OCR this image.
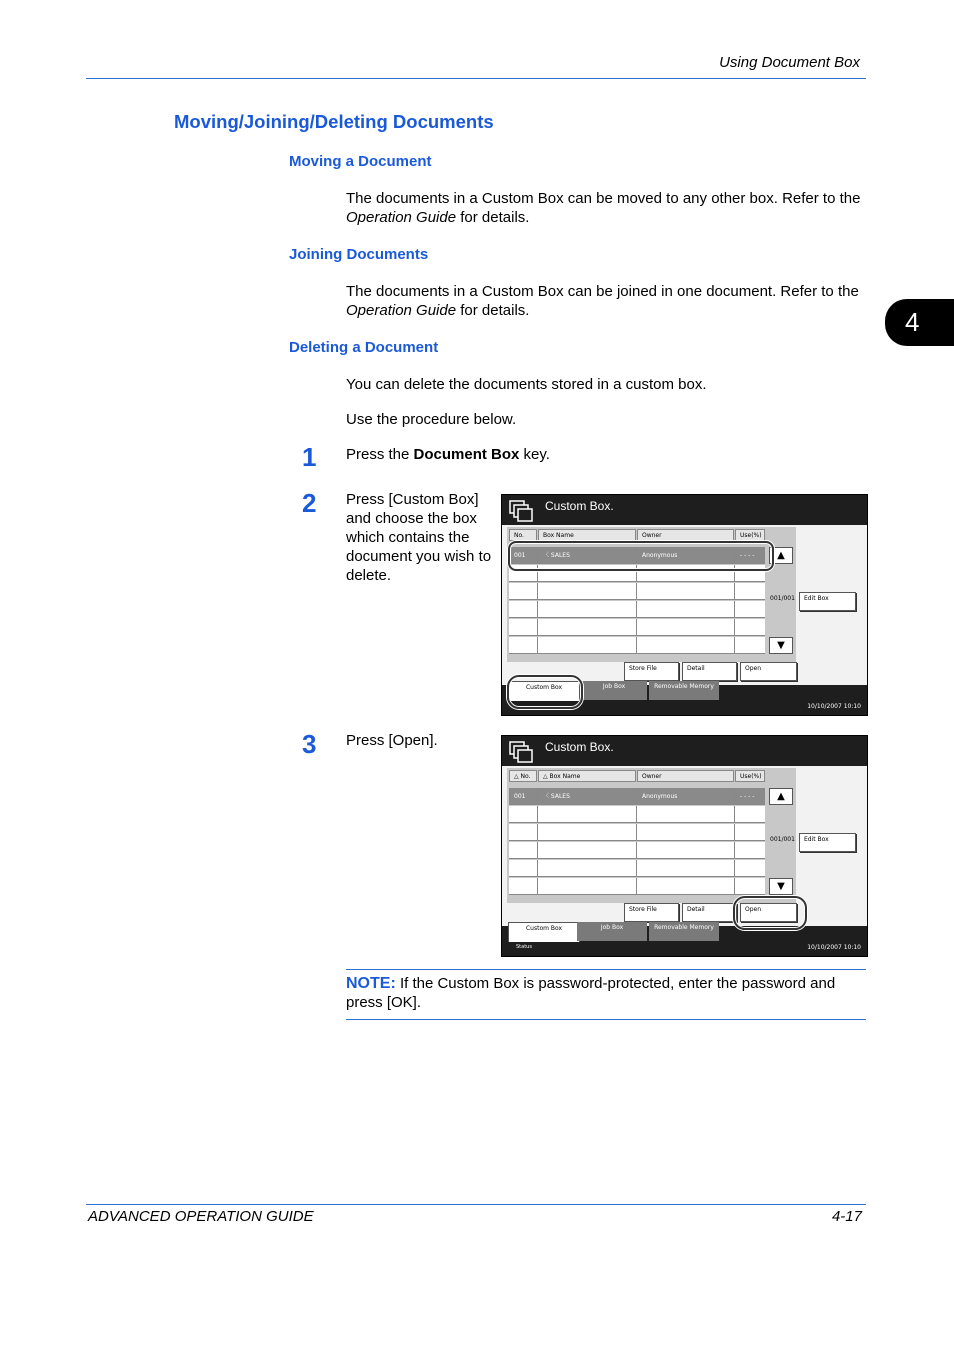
Using Document Box
4
Moving/Joining/Deleting Documents
Moving a Document
The documents in a Custom Box can be moved to any other box. Refer to the Operation Guide for details.
Joining Documents
The documents in a Custom Box can be joined in one document. Refer to the Operation Guide for details.
Deleting a Document
You can delete the documents stored in a custom box.
Use the procedure below.
1 Press the Document Box key.
2 Press [Custom Box] and choose the box which contains the document you wish to delete.
Custom Box.
No.	Box Name	Owner	Use(%)
001	〈 SALES	Anonymous	- - - -	▲
001/001
▼
Edit Box
Store File	Detail	Open
Custom Box	Job Box	Removable Memory
10/10/2007 10:10
3 Press [Open].	Custom Box.
△ No.	△ Box Name	Owner	Use(%)
001	〈 SALES	Anonymous	- - - -	▲
001/001
▼
Edit Box
Store File	Detail	Open
Custom Box	Job Box	Removable Memory
Status	10/10/2007 10:10
NOTE: If the Custom Box is password-protected, enter the password and press [OK].
ADVANCED OPERATION GUIDE	4-17
